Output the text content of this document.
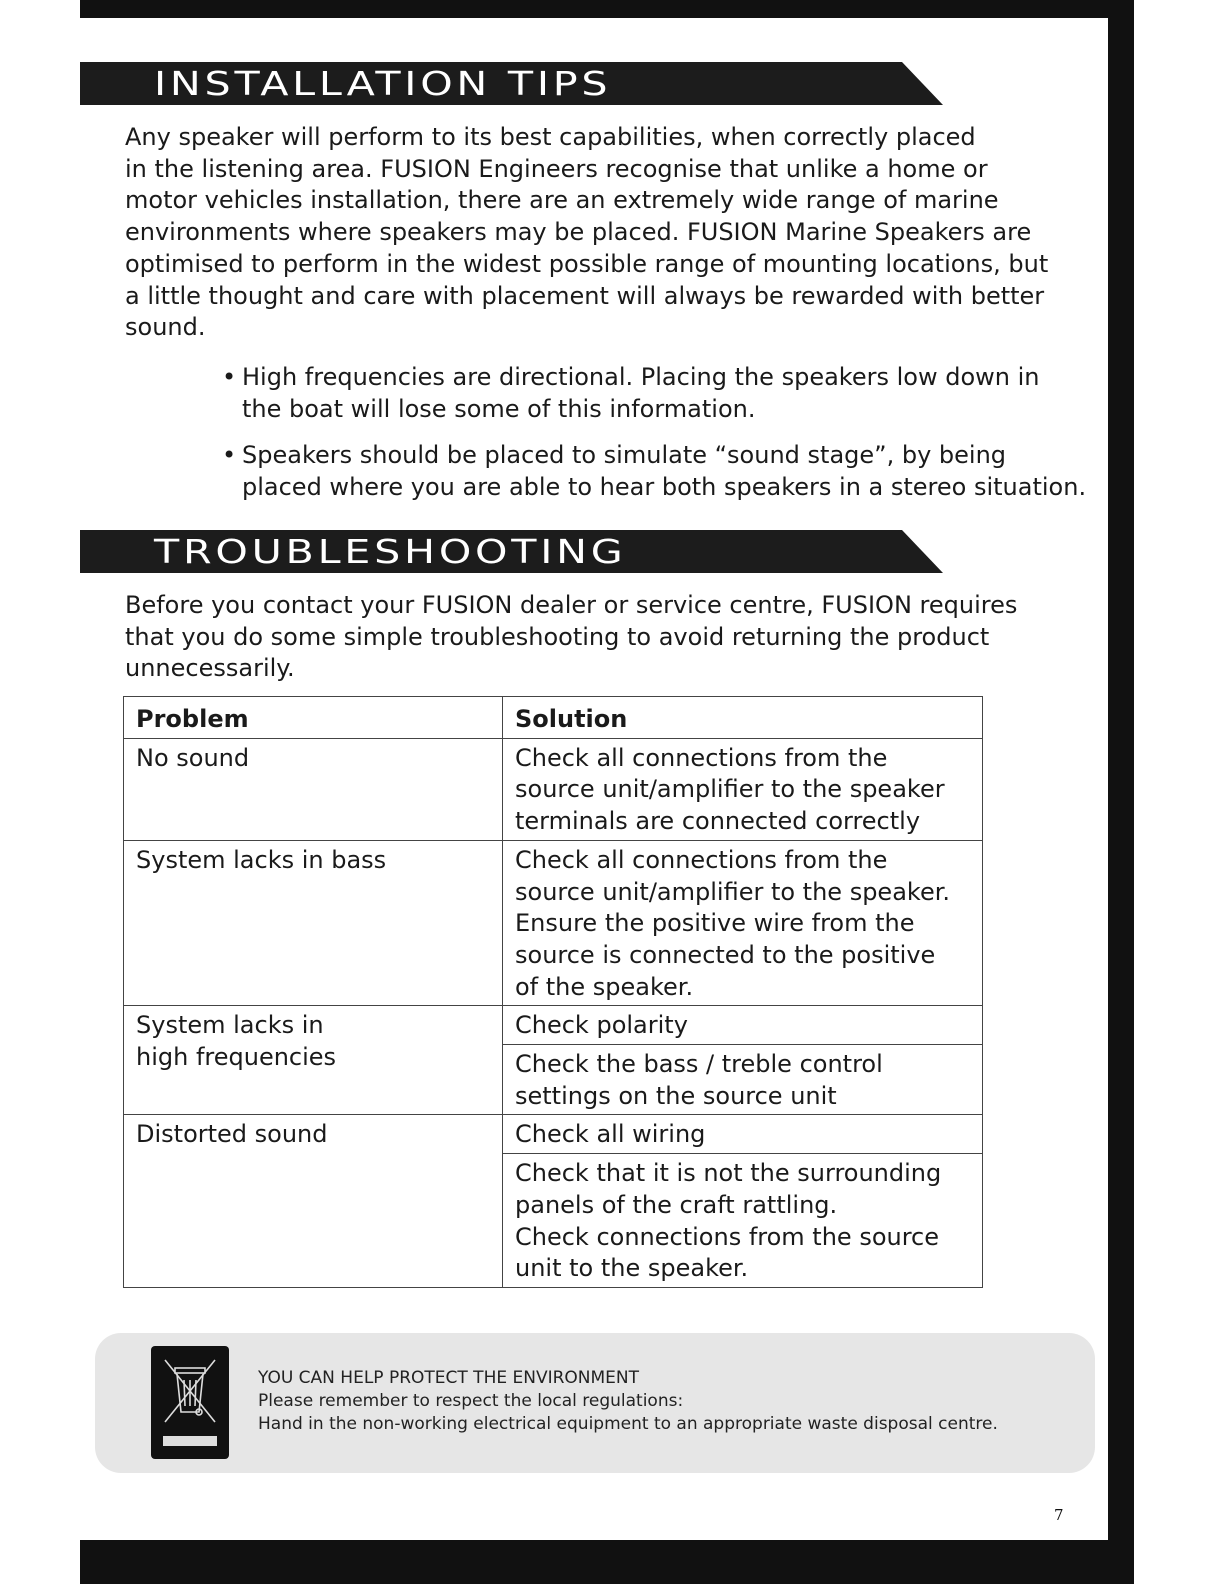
INSTALLATION TIPS

Any speaker will perform to its best capabilities, when correctly placed
in the listening area. FUSION Engineers recognise that unlike a home or
motor vehicles installation, there are an extremely wide range of marine
environments where speakers may be placed. FUSION Marine Speakers are
optimised to perform in the widest possible range of mounting locations, but
a little thought and care with placement will always be rewarded with better
sound.

• High frequencies are directional. Placing the speakers low down in
the boat will lose some of this information.
• Speakers should be placed to simulate “sound stage”, by being
placed where you are able to hear both speakers in a stereo situation.
TROUBLESHOOTING

Before you contact your FUSION dealer or service centre, FUSION requires
that you do some simple troubleshooting to avoid returning the product
unnecessarily.

Problem	Solution

No sound	Check all connections from the
source unit/amplifier to the speaker
terminals are connected correctly

System lacks in bass	Check all connections from the
source unit/amplifier to the speaker.
Ensure the positive wire from the
source is connected to the positive
of the speaker.

System lacks in
high frequencies	Check polarity

	Check the bass / treble control
settings on the source unit

Distorted sound	Check all wiring

	Check that it is not the surrounding
panels of the craft rattling.
Check connections from the source
unit to the speaker.
YOU CAN HELP PROTECT THE ENVIRONMENT
Please remember to respect the local regulations:
Hand in the non-working electrical equipment to an appropriate waste disposal centre.
7
